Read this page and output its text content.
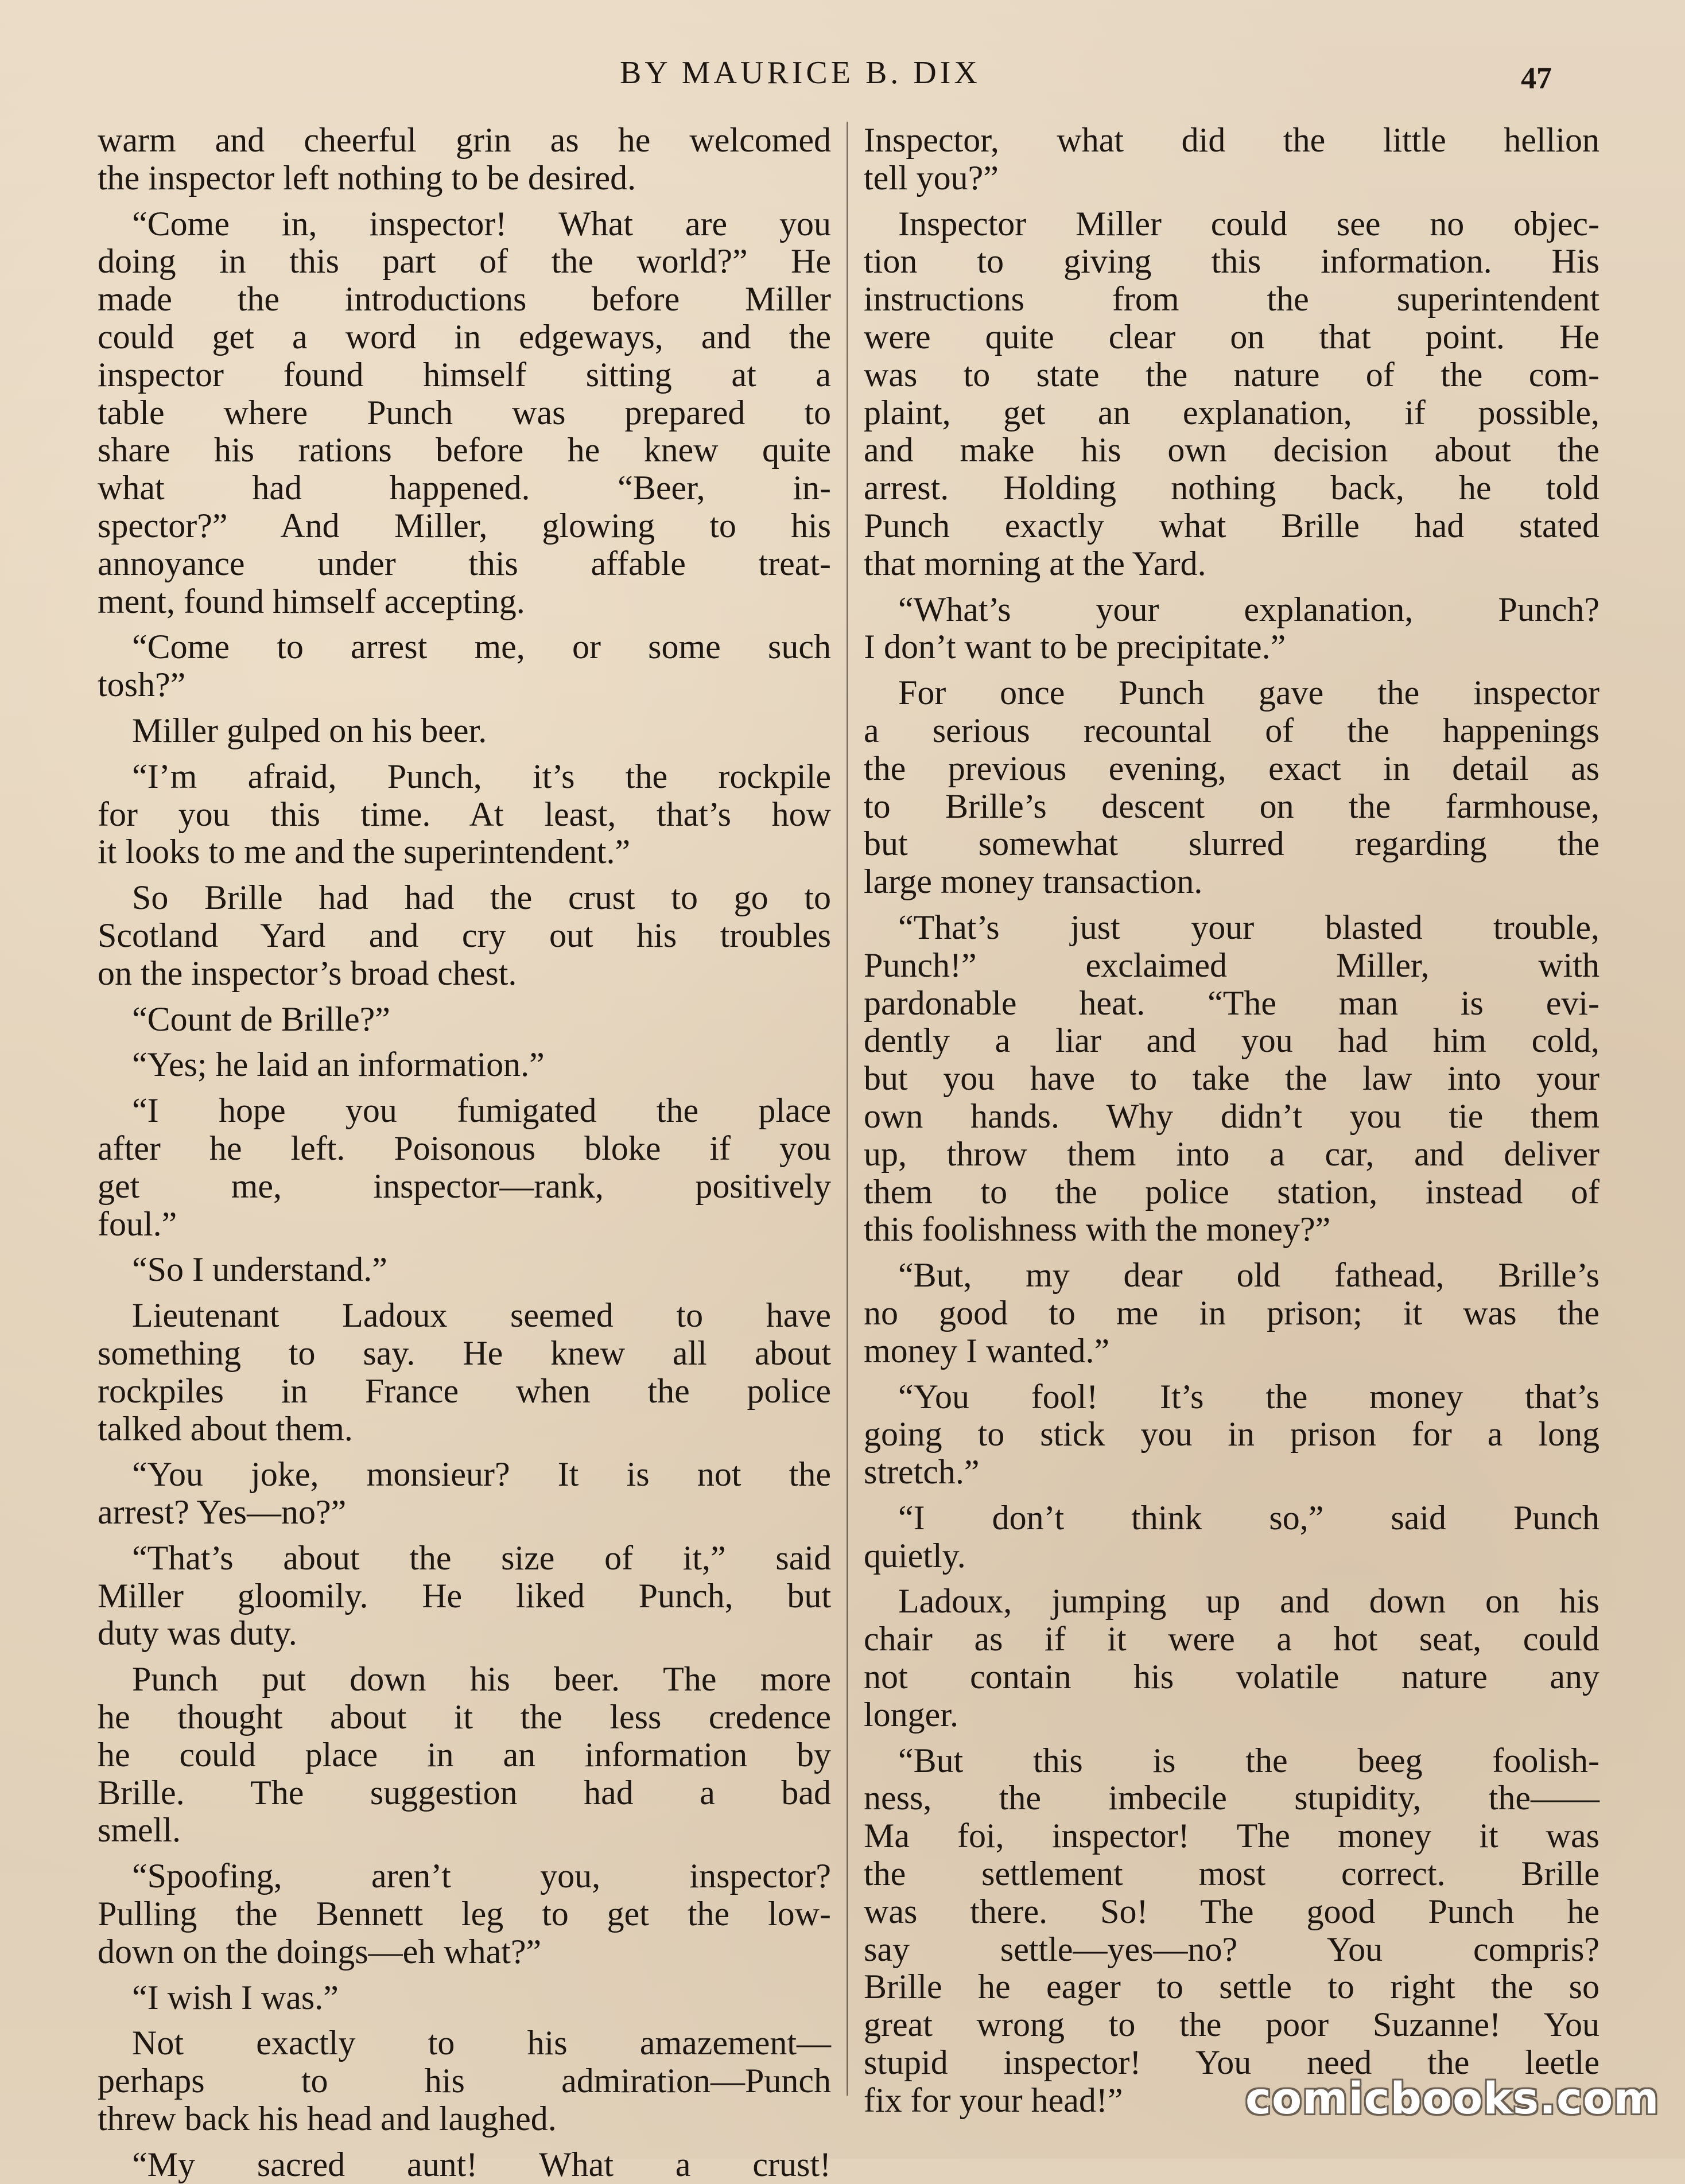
BY MAURICE B. DIX	47
warm and cheerful grin as he welcomed
the inspector left nothing to be desired.
“Come in, inspector! What are you
doing in this part of the world?” He
made the introductions before Miller
could get a word in edgeways, and the
inspector found himself sitting at a
table where Punch was prepared to
share his rations before he knew quite
what had happened. “Beer, in-
spector?” And Miller, glowing to his
annoyance under this affable treat-
ment, found himself accepting.
“Come to arrest me, or some such
tosh?”
Miller gulped on his beer.
“I’m afraid, Punch, it’s the rockpile
for you this time. At least, that’s how
it looks to me and the superintendent.”
So Brille had had the crust to go to
Scotland Yard and cry out his troubles
on the inspector’s broad chest.
“Count de Brille?”
“Yes; he laid an information.”
“I hope you fumigated the place
after he left. Poisonous bloke if you
get me, inspector—rank, positively
foul.”
“So I understand.”
Lieutenant Ladoux seemed to have
something to say. He knew all about
rockpiles in France when the police
talked about them.
“You joke, monsieur? It is not the
arrest? Yes—no?”
“That’s about the size of it,” said
Miller gloomily. He liked Punch, but
duty was duty.
Punch put down his beer. The more
he thought about it the less credence
he could place in an information by
Brille. The suggestion had a bad
smell.
“Spoofing, aren’t you, inspector?
Pulling the Bennett leg to get the low-
down on the doings—eh what?”
“I wish I was.”
Not exactly to his amazement—
perhaps to his admiration—Punch
threw back his head and laughed.
“My sacred aunt! What a crust!
Inspector, what did the little hellion
tell you?”
Inspector Miller could see no objec-
tion to giving this information. His
instructions from the superintendent
were quite clear on that point. He
was to state the nature of the com-
plaint, get an explanation, if possible,
and make his own decision about the
arrest. Holding nothing back, he told
Punch exactly what Brille had stated
that morning at the Yard.
“What’s your explanation, Punch?
I don’t want to be precipitate.”
For once Punch gave the inspector
a serious recountal of the happenings
the previous evening, exact in detail as
to Brille’s descent on the farmhouse,
but somewhat slurred regarding the
large money transaction.
“That’s just your blasted trouble,
Punch!” exclaimed Miller, with
pardonable heat. “The man is evi-
dently a liar and you had him cold,
but you have to take the law into your
own hands. Why didn’t you tie them
up, throw them into a car, and deliver
them to the police station, instead of
this foolishness with the money?”
“But, my dear old fathead, Brille’s
no good to me in prison; it was the
money I wanted.”
“You fool! It’s the money that’s
going to stick you in prison for a long
stretch.”
“I don’t think so,” said Punch
quietly.
Ladoux, jumping up and down on his
chair as if it were a hot seat, could
not contain his volatile nature any
longer.
“But this is the beeg foolish-
ness, the imbecile stupidity, the——
Ma foi, inspector! The money it was
the settlement most correct. Brille
was there. So! The good Punch he
say settle—yes—no? You compris?
Brille he eager to settle to right the so
great wrong to the poor Suzanne! You
stupid inspector! You need the leetle
fix for your head!”	comicbooks.com
